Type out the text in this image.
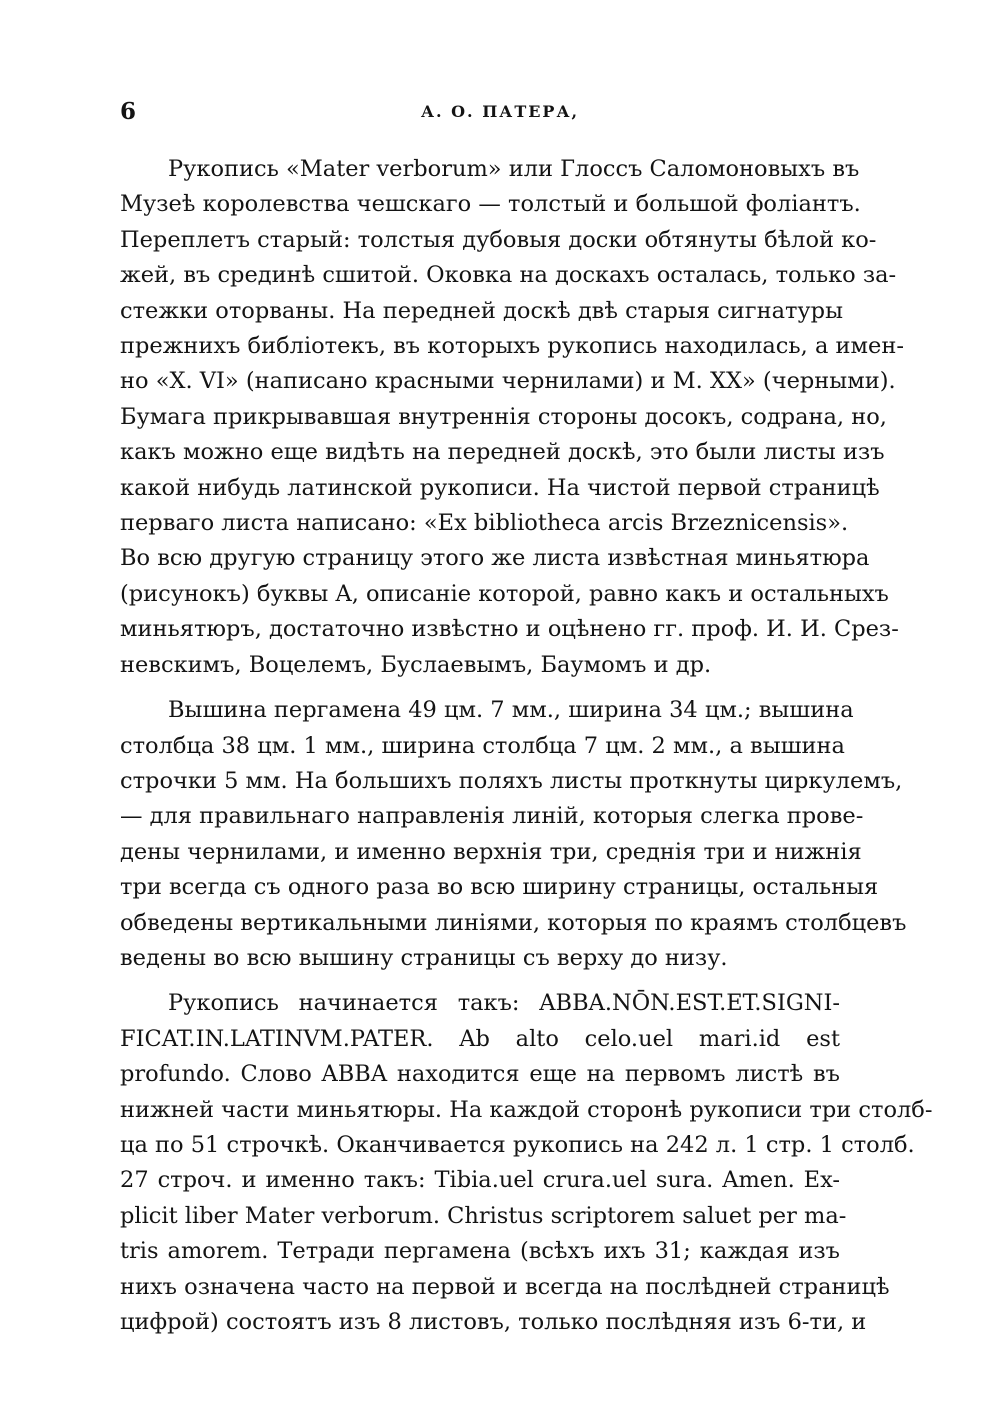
6	А. О. ПАТЕРА,

Рукопись «Mater verborum» или Глоссъ Саломоновыхъ въ
Музеѣ королевства чешскаго — толстый и большой фоліантъ.
Переплетъ старый: толстыя дубовыя доски обтянуты бѣлой ко-
жей, въ срединѣ сшитой. Оковка на доскахъ осталась, только за-
стежки оторваны. На передней доскѣ двѣ старыя сигнатуры
прежнихъ библіотекъ, въ которыхъ рукопись находилась, а имен-
но «X. VI» (написано красными чернилами) и M. XX» (черными).
Бумага прикрывавшая внутреннія стороны досокъ, содрана, но,
какъ можно еще видѣть на передней доскѣ, это были листы изъ
какой нибудь латинской рукописи. На чистой первой страницѣ
перваго листа написано: «Ex bibliotheca arcis Brzeznicensis».
Во всю другую страницу этого же листа извѣстная миньятюра
(рисунокъ) буквы A, описаніе которой, равно какъ и остальныхъ
миньятюръ, достаточно извѣстно и оцѣнено гг. проф. И. И. Срез-
невскимъ, Воцелемъ, Буслаевымъ, Баумомъ и др.

Вышина пергамена 49 цм. 7 мм., ширина 34 цм.; вышина
столбца 38 цм. 1 мм., ширина столбца 7 цм. 2 мм., а вышина
строчки 5 мм. На большихъ поляхъ листы проткнуты циркулемъ,
— для правильнаго направленія линій, которыя слегка прове-
дены чернилами, и именно верхнія три, среднія три и нижнія
три всегда съ одного раза во всю ширину страницы, остальныя
обведены вертикальными линіями, которыя по краямъ столбцевъ
ведены во всю вышину страницы съ верху до низу.

Рукопись начинается такъ: ABBA.NŌN.EST.ET.SIGNI-
FICAT.IN.LATINVM.PATER. Ab alto celo.uel mari.id est
profundo. Слово ABBA находится еще на первомъ листѣ въ
нижней части миньятюры. На каждой сторонѣ рукописи три столб-
ца по 51 строчкѣ. Оканчивается рукопись на 242 л. 1 стр. 1 столб.
27 строч. и именно такъ: Tibia.uel crura.uel sura. Amen. Ex-
plicit liber Mater verborum. Christus scriptorem saluet per ma-
tris amorem. Тетради пергамена (всѣхъ ихъ 31; каждая изъ
нихъ означена часто на первой и всегда на послѣдней страницѣ
цифрой) состоятъ изъ 8 листовъ, только послѣдняя изъ 6-ти, и
